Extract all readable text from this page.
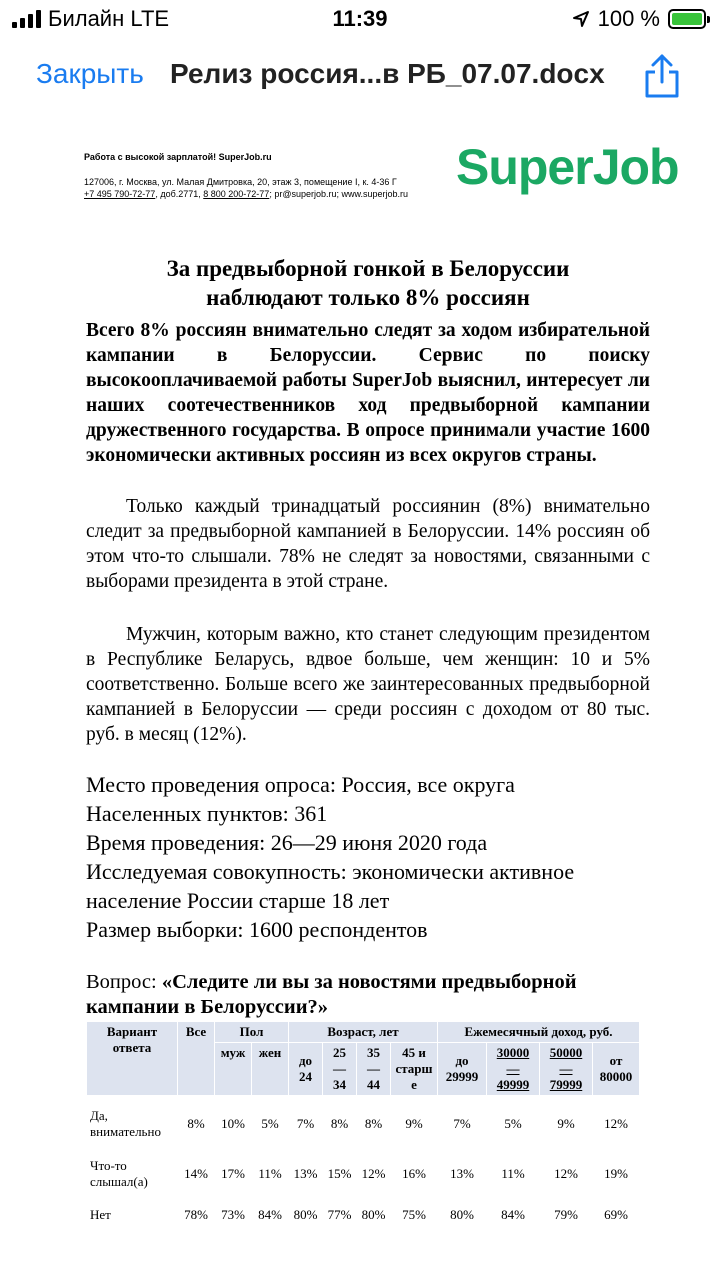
Билайн LTE	11:39	100 %
Закрыть Релиз россия...в РБ_07.07.docx
Работа с высокой зарплатой! SuperJob.ru
127006, г. Москва, ул. Малая Дмитровка, 20, этаж 3, помещение I, к. 4-36 Г
+7 495 790-72-77, доб.2771, 8 800 200-72-77; pr@superjob.ru; www.superjob.ru SuperJob
За предвыборной гонкой в Белоруссии
наблюдают только 8% россиян
Всего 8% россиян внимательно следят за ходом избирательной кампании в Белоруссии. Сервис по поиску высокооплачиваемой работы SuperJob выяснил, интересует ли наших соотечественников ход предвыборной кампании дружественного государства. В опросе принимали участие 1600 экономически активных россиян из всех округов страны.
Только каждый тринадцатый россиянин (8%) внимательно следит за предвыборной кампанией в Белоруссии. 14% россиян об этом что-то слышали. 78% не следят за новостями, связанными с выборами президента в этой стране.
Мужчин, которым важно, кто станет следующим президентом в Республике Беларусь, вдвое больше, чем женщин: 10 и 5% соответственно. Больше всего же заинтересованных предвыборной кампанией в Белоруссии — среди россиян с доходом от 80 тыс. руб. в месяц (12%).
Место проведения опроса: Россия, все округа
Населенных пунктов: 361
Время проведения: 26—29 июня 2020 года
Исследуемая совокупность: экономически активное
население России старше 18 лет
Размер выборки: 1600 респондентов
Вопрос: «Следите ли вы за новостями предвыборной кампании в Белоруссии?»
Вариант ответа	Все	Пол		Возраст, лет				Ежемесячный доход, руб.			
		муж	жен	до 24	25 — 34	35 — 44	45 и старш е	до 29999	30000 — 49999	50000 — 79999	от 80000
Да, внимательно	8%	10%	5%	7%	8%	8%	9%	7%	5%	9%	12%
Что-то слышал(а)	14%	17%	11%	13%	15%	12%	16%	13%	11%	12%	19%
Нет	78%	73%	84%	80%	77%	80%	75%	80%	84%	79%	69%
